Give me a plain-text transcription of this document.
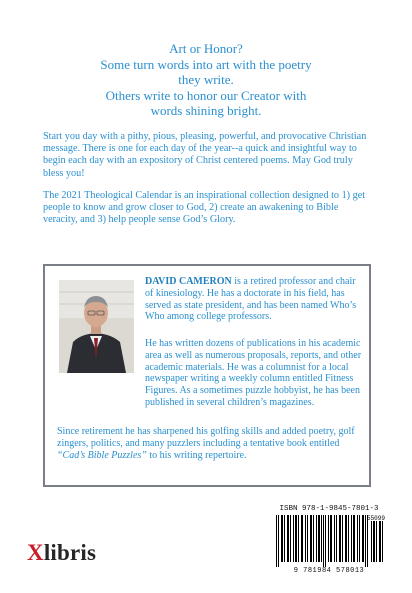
Art or Honor?
Some turn words into art with the poetry
they write.
Others write to honor our Creator with
words shining bright.

Start you day with a pithy, pious, pleasing, powerful, and provocative Christian message. There is one for each day of the year--a quick and insightful way to begin each day with an expository of Christ centered poems. May God truly bless you!

The 2021 Theological Calendar is an inspirational collection designed to 1) get people to know and grow closer to God, 2) create an awakening to Bible veracity, and 3) help people sense God’s Glory.

DAVID CAMERON is a retired professor and chair of kinesiology. He has a doctorate in his field, has served as state president, and has been named Who’s Who among college professors.

He has written dozens of publications in his academic area as well as numerous proposals, reports, and other academic materials. He was a columnist for a local newspaper writing a weekly column entitled Fitness Figures. As a sometimes puzzle hobbyist, he has been published in several children’s magazines.

Since retirement he has sharpened his golfing skills and added poetry, golf zingers, politics, and many puzzlers including a tentative book entitled “Cad’s Bible Puzzles” to his writing repertoire.

Xlibris
ISBN 978-1-9845-7801-3
55099
9 781984 578013
